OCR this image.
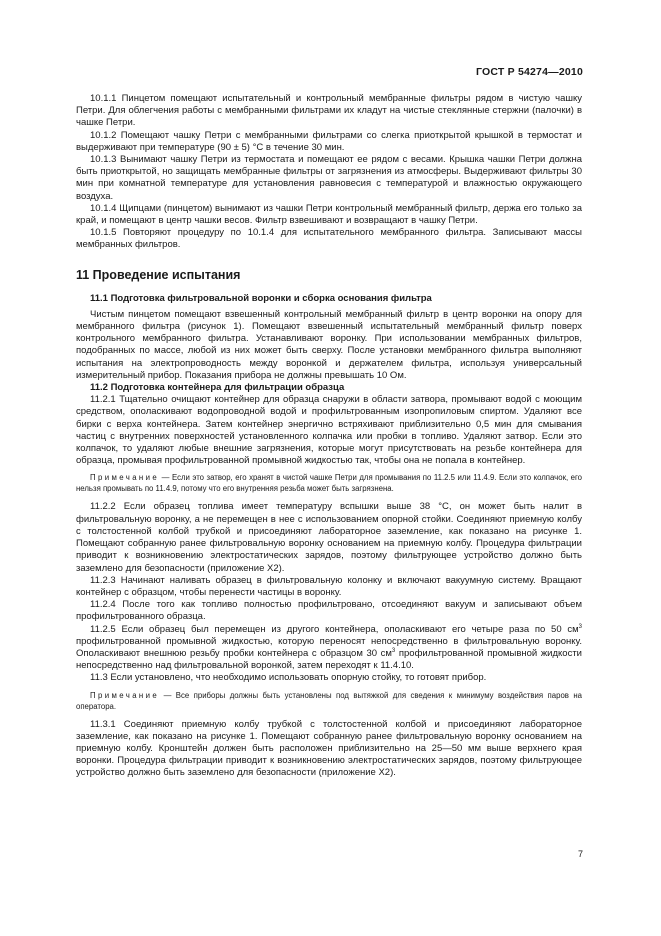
ГОСТ Р 54274—2010

10.1.1 Пинцетом помещают испытательный и контрольный мембранные фильтры рядом в чистую чашку Петри. Для облегчения работы с мембранными фильтрами их кладут на чистые стеклянные стержни (палочки) в чашке Петри.

10.1.2 Помещают чашку Петри с мембранными фильтрами со слегка приоткрытой крышкой в термостат и выдерживают при температуре (90 ± 5) °С в течение 30 мин.

10.1.3 Вынимают чашку Петри из термостата и помещают ее рядом с весами. Крышка чашки Петри должна быть приоткрытой, но защищать мембранные фильтры от загрязнения из атмосферы. Выдерживают фильтры 30 мин при комнатной температуре для установления равновесия с температурой и влажностью окружающего воздуха.

10.1.4 Щипцами (пинцетом) вынимают из чашки Петри контрольный мембранный фильтр, держа его только за край, и помещают в центр чашки весов. Фильтр взвешивают и возвращают в чашку Петри.

10.1.5 Повторяют процедуру по 10.1.4 для испытательного мембранного фильтра. Записывают массы мембранных фильтров.

11 Проведение испытания

11.1 Подготовка фильтровальной воронки и сборка основания фильтра

Чистым пинцетом помещают взвешенный контрольный мембранный фильтр в центр воронки на опору для мембранного фильтра (рисунок 1). Помещают взвешенный испытательный мембранный фильтр поверх контрольного мембранного фильтра. Устанавливают воронку. При использовании мембранных фильтров, подобранных по массе, любой из них может быть сверху. После установки мембранного фильтра выполняют испытания на электропроводность между воронкой и держателем фильтра, используя универсальный измерительный прибор. Показания прибора не должны превышать 10 Ом.

11.2 Подготовка контейнера для фильтрации образца

11.2.1 Тщательно очищают контейнер для образца снаружи в области затвора, промывают водой с моющим средством, ополаскивают водопроводной водой и профильтрованным изопропиловым спиртом. Удаляют все бирки с верха контейнера. Затем контейнер энергично встряхивают приблизительно 0,5 мин для смывания частиц с внутренних поверхностей установленного колпачка или пробки в топливо. Удаляют затвор. Если это колпачок, то удаляют любые внешние загрязнения, которые могут присутствовать на резьбе контейнера для образца, промывая профильтрованной промывной жидкостью так, чтобы она не попала в контейнер.

Примечание — Если это затвор, его хранят в чистой чашке Петри для промывания по 11.2.5 или 11.4.9. Если это колпачок, его нельзя промывать по 11.4.9, потому что его внутренняя резьба может быть загрязнена.

11.2.2 Если образец топлива имеет температуру вспышки выше 38 °С, он может быть налит в фильтровальную воронку, а не перемещен в нее с использованием опорной стойки. Соединяют приемную колбу с толстостенной колбой трубкой и присоединяют лабораторное заземление, как показано на рисунке 1. Помещают собранную ранее фильтровальную воронку основанием на приемную колбу. Процедура фильтрации приводит к возникновению электростатических зарядов, поэтому фильтрующее устройство должно быть заземлено для безопасности (приложение Х2).

11.2.3 Начинают наливать образец в фильтровальную колонку и включают вакуумную систему. Вращают контейнер с образцом, чтобы перенести частицы в воронку.

11.2.4 После того как топливо полностью профильтровано, отсоединяют вакуум и записывают объем профильтрованного образца.

11.2.5 Если образец был перемещен из другого контейнера, ополаскивают его четыре раза по 50 $см^3$ профильтрованной промывной жидкостью, которую переносят непосредственно в фильтровальную воронку. Ополаскивают внешнюю резьбу пробки контейнера с образцом 30 $см^3$ профильтрованной промывной жидкости непосредственно над фильтровальной воронкой, затем переходят к 11.4.10.

11.3 Если установлено, что необходимо использовать опорную стойку, то готовят прибор.

Примечание — Все приборы должны быть установлены под вытяжкой для сведения к минимуму воздействия паров на оператора.

11.3.1 Соединяют приемную колбу трубкой с толстостенной колбой и присоединяют лабораторное заземление, как показано на рисунке 1. Помещают собранную ранее фильтровальную воронку основанием на приемную колбу. Кронштейн должен быть расположен приблизительно на 25—50 мм выше верхнего края воронки. Процедура фильтрации приводит к возникновению электростатических зарядов, поэтому фильтрующее устройство должно быть заземлено для безопасности (приложение Х2).

7
